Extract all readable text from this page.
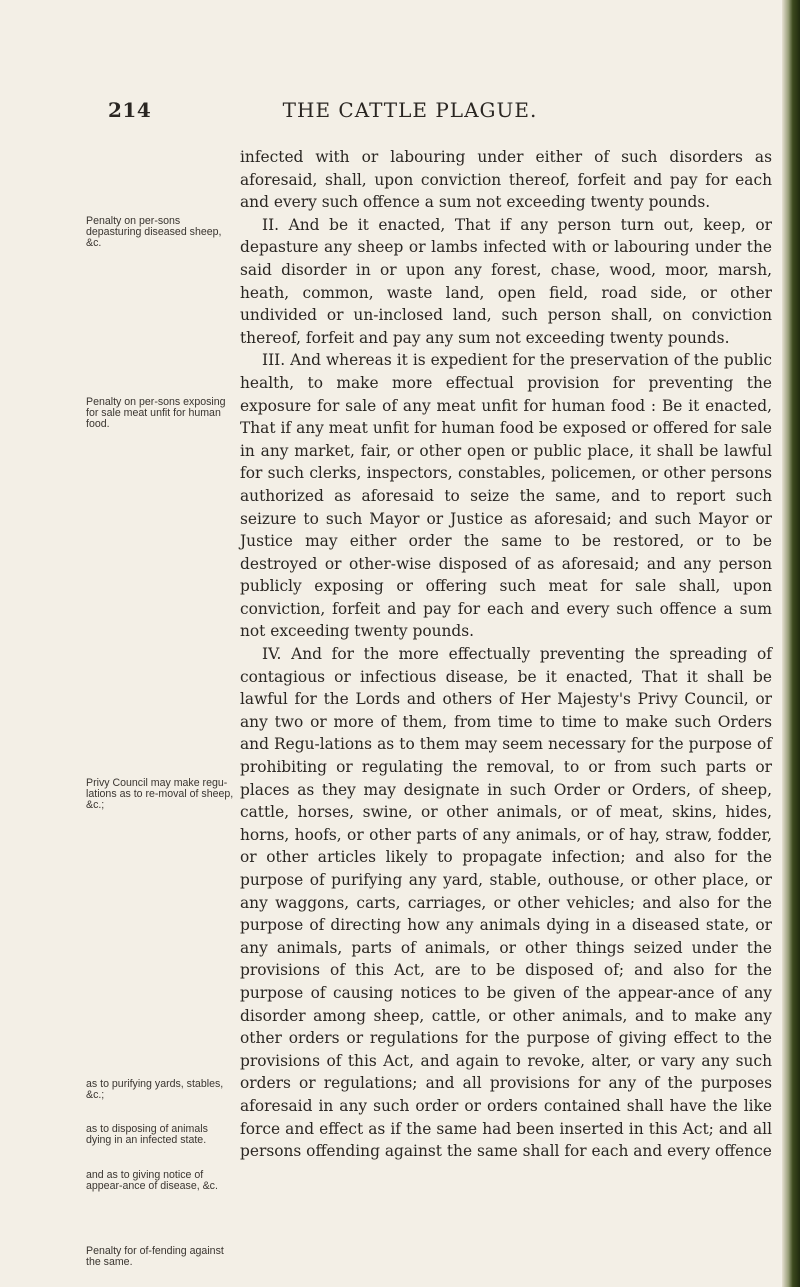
214	THE CATTLE PLAGUE.

infected with or labouring under either of such disorders as aforesaid, shall, upon conviction thereof, forfeit and pay for each and every such offence a sum not exceeding twenty pounds.

II. And be it enacted, That if any person turn out, keep, or depasture any sheep or lambs infected with or labouring under the said disorder in or upon any forest, chase, wood, moor, marsh, heath, common, waste land, open field, road side, or other undivided or un-inclosed land, such person shall, on conviction thereof, forfeit and pay any sum not exceeding twenty pounds.

III. And whereas it is expedient for the preservation of the public health, to make more effectual provision for preventing the exposure for sale of any meat unfit for human food : Be it enacted, That if any meat unfit for human food be exposed or offered for sale in any market, fair, or other open or public place, it shall be lawful for such clerks, inspectors, constables, policemen, or other persons authorized as aforesaid to seize the same, and to report such seizure to such Mayor or Justice as aforesaid; and such Mayor or Justice may either order the same to be restored, or to be destroyed or other-wise disposed of as aforesaid; and any person publicly exposing or offering such meat for sale shall, upon conviction, forfeit and pay for each and every such offence a sum not exceeding twenty pounds.

IV. And for the more effectually preventing the spreading of contagious or infectious disease, be it enacted, That it shall be lawful for the Lords and others of Her Majesty's Privy Council, or any two or more of them, from time to time to make such Orders and Regu-lations as to them may seem necessary for the purpose of prohibiting or regulating the removal, to or from such parts or places as they may designate in such Order or Orders, of sheep, cattle, horses, swine, or other animals, or of meat, skins, hides, horns, hoofs, or other parts of any animals, or of hay, straw, fodder, or other articles likely to propagate infection; and also for the purpose of purifying any yard, stable, outhouse, or other place, or any waggons, carts, carriages, or other vehicles; and also for the purpose of directing how any animals dying in a diseased state, or any animals, parts of animals, or other things seized under the provisions of this Act, are to be disposed of; and also for the purpose of causing notices to be given of the appear-ance of any disorder among sheep, cattle, or other animals, and to make any other orders or regulations for the purpose of giving effect to the provisions of this Act, and again to revoke, alter, or vary any such orders or regulations; and all provisions for any of the purposes aforesaid in any such order or orders contained shall have the like force and effect as if the same had been inserted in this Act; and all persons offending against the same shall for each and every offence

Penalty on per-sons depasturing diseased sheep, &c.
Penalty on per-sons exposing for sale meat unfit for human food.
Privy Council may make regu-lations as to re-moval of sheep, &c.;
as to purifying yards, stables, &c.;
as to disposing of animals dying in an infected state.
and as to giving notice of appear-ance of disease, &c.
Penalty for of-fending against the same.
